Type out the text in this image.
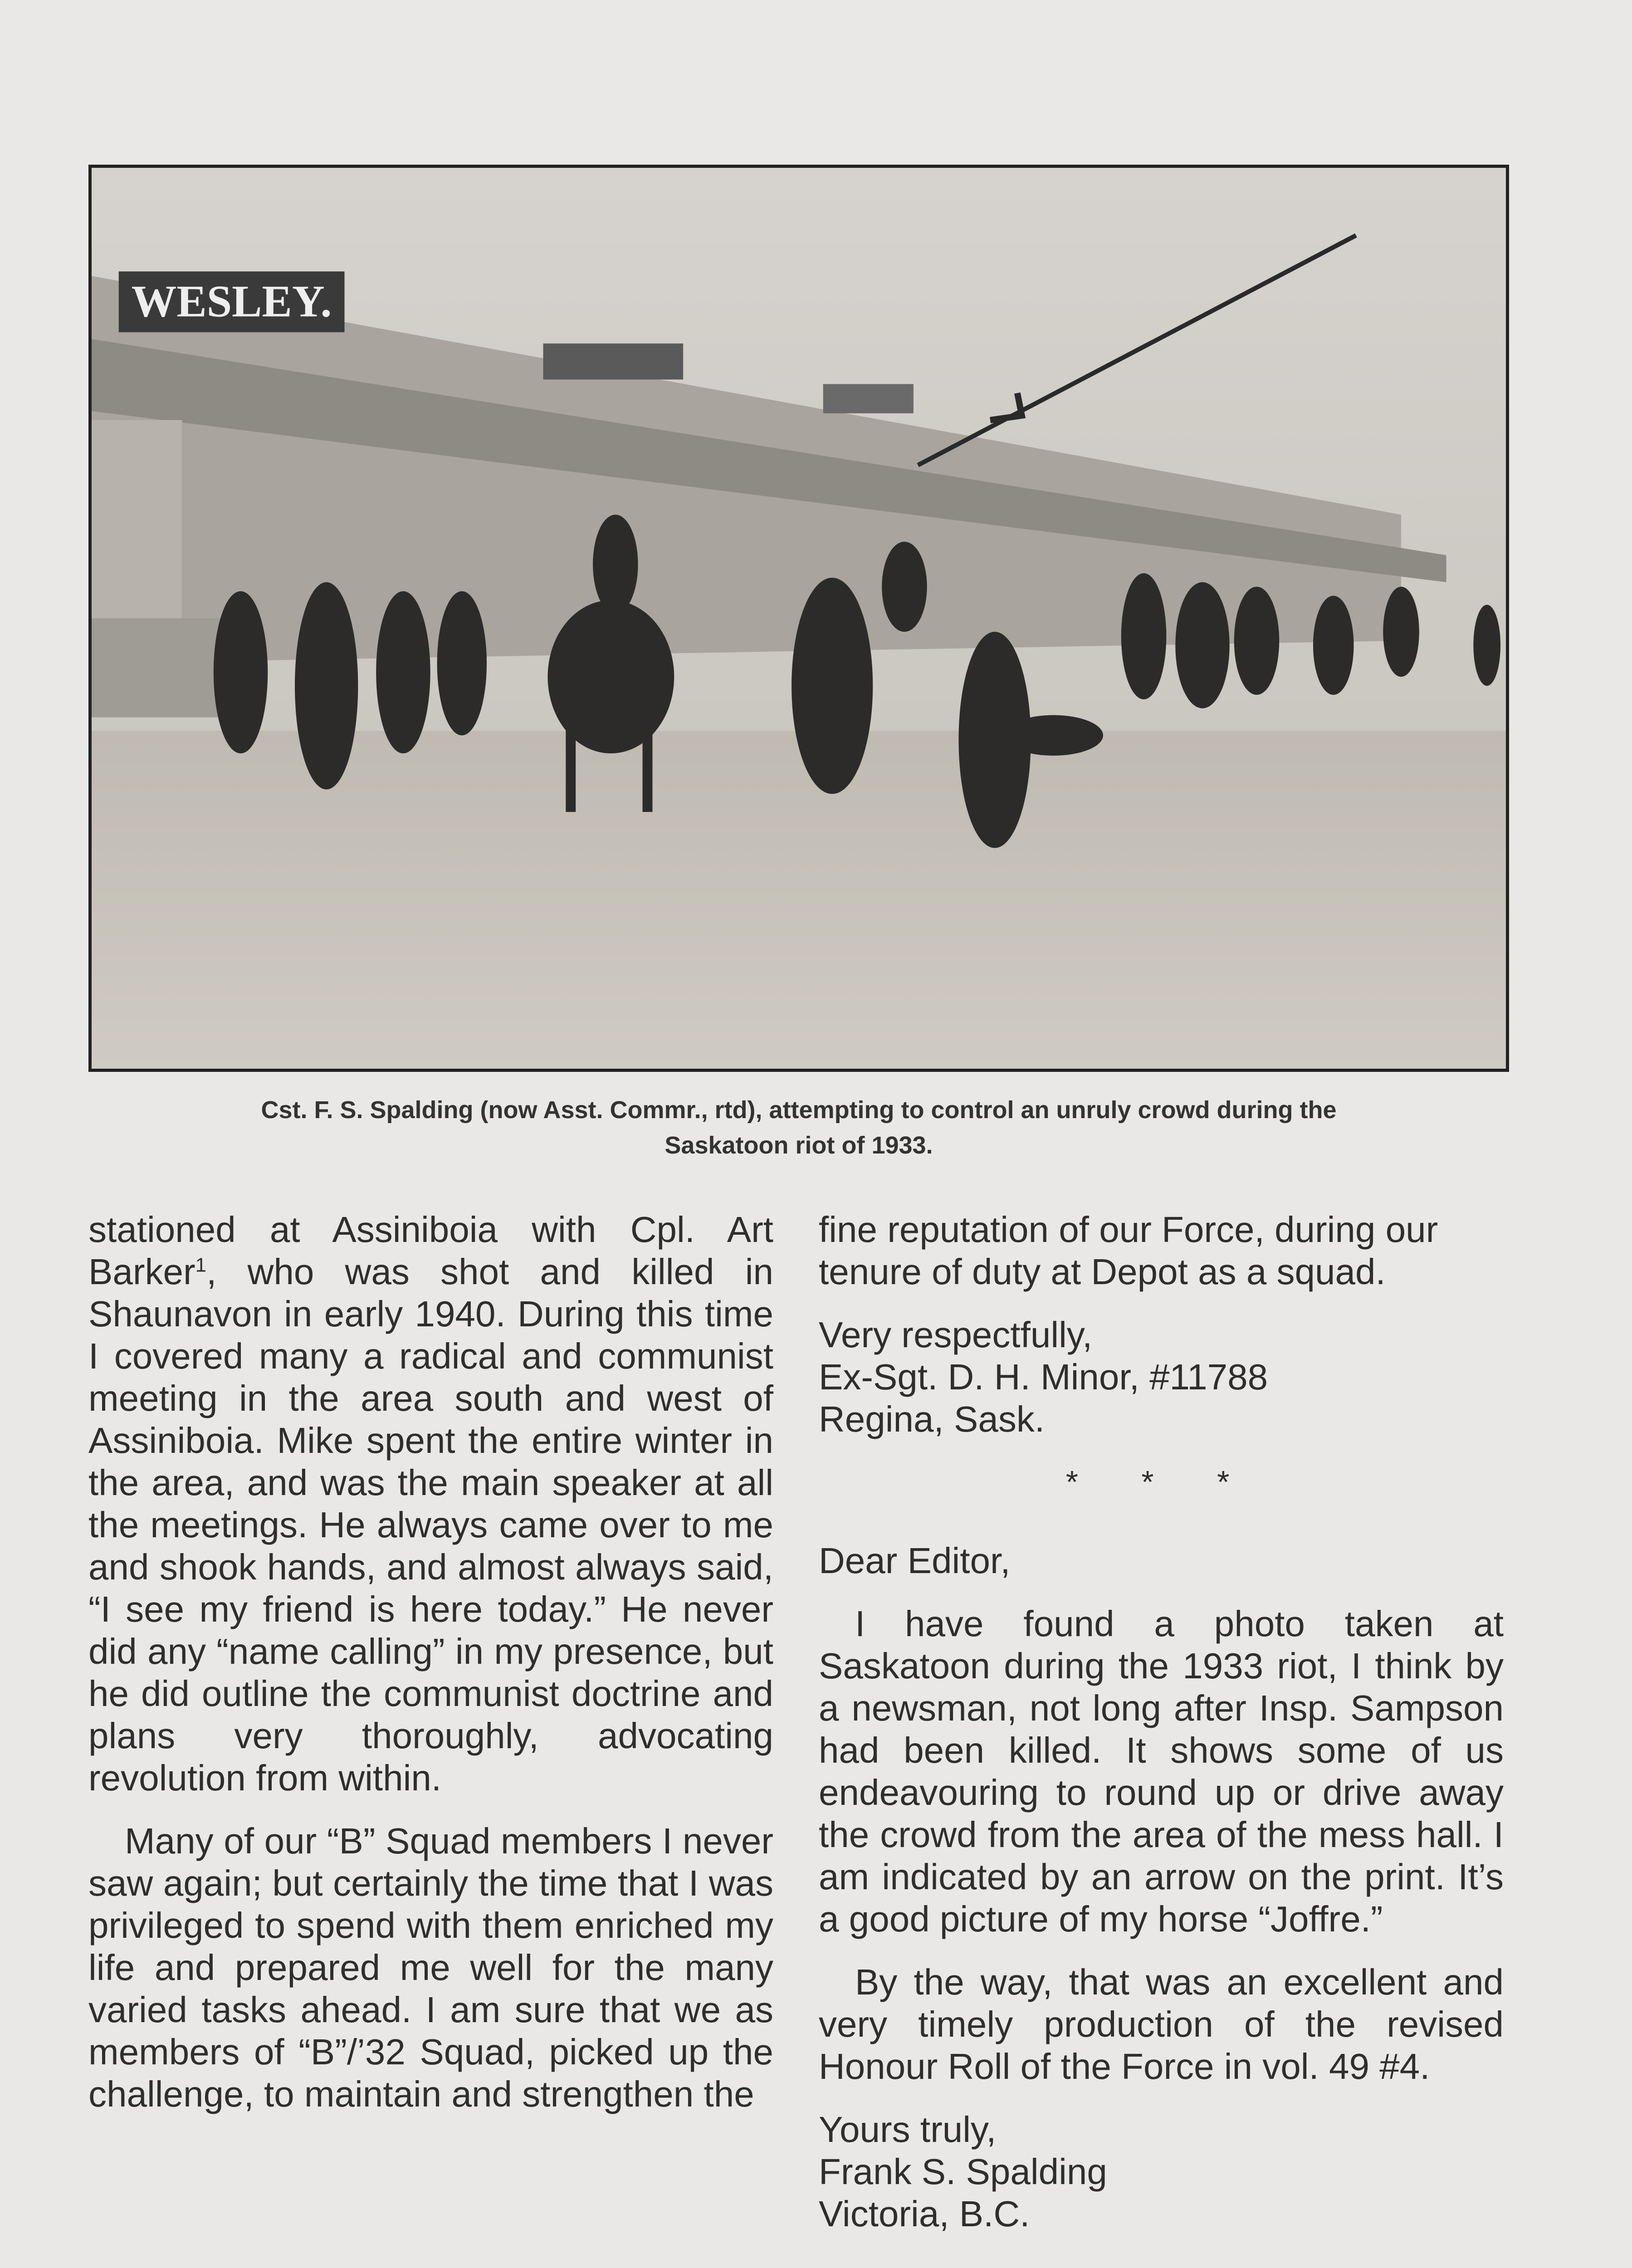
WESLEY.
Cst. F. S. Spalding (now Asst. Commr., rtd), attempting to control an unruly crowd during the
Saskatoon riot of 1933.

stationed at Assiniboia with Cpl. Art Barker$^1$, who was shot and killed in Shaunavon in early 1940. During this time I covered many a radical and communist meeting in the area south and west of Assiniboia. Mike spent the entire winter in the area, and was the main speaker at all the meetings. He always came over to me and shook hands, and almost always said, “I see my friend is here today.” He never did any “name calling” in my presence, but he did outline the communist doctrine and plans very thoroughly, advocating revolution from within.

Many of our “B” Squad members I never saw again; but certainly the time that I was privileged to spend with them enriched my life and prepared me well for the many varied tasks ahead. I am sure that we as members of “B”/’32 Squad, picked up the challenge, to maintain and strengthen the

fine reputation of our Force, during our tenure of duty at Depot as a squad.

Very respectfully,
Ex-Sgt. D. H. Minor, #11788
Regina, Sask.
* * *

Dear Editor,

I have found a photo taken at Saskatoon during the 1933 riot, I think by a newsman, not long after Insp. Sampson had been killed. It shows some of us endeavouring to round up or drive away the crowd from the area of the mess hall. I am indicated by an arrow on the print. It’s a good picture of my horse “Joffre.”

By the way, that was an excellent and very timely production of the revised Honour Roll of the Force in vol. 49 #4.

Yours truly,
Frank S. Spalding
Victoria, B.C.
